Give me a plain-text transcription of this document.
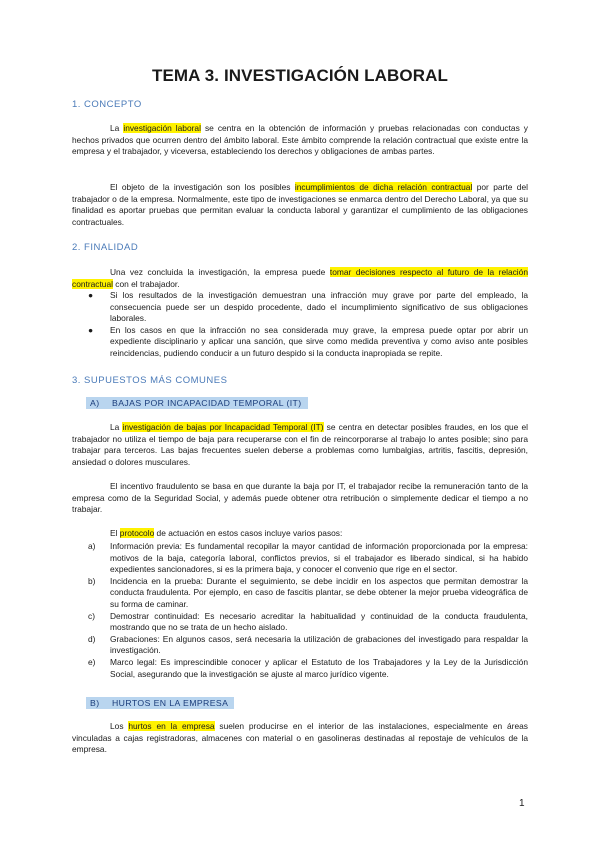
TEMA 3. INVESTIGACIÓN LABORAL
1. CONCEPTO

La investigación laboral se centra en la obtención de información y pruebas relacionadas con conductas y hechos privados que ocurren dentro del ámbito laboral. Este ámbito comprende la relación contractual que existe entre la empresa y el trabajador, y viceversa, estableciendo los derechos y obligaciones de ambas partes.

El objeto de la investigación son los posibles incumplimientos de dicha relación contractual por parte del trabajador o de la empresa. Normalmente, este tipo de investigaciones se enmarca dentro del Derecho Laboral, ya que su finalidad es aportar pruebas que permitan evaluar la conducta laboral y garantizar el cumplimiento de las obligaciones contractuales.

2. FINALIDAD

Una vez concluida la investigación, la empresa puede tomar decisiones respecto al futuro de la relación contractual con el trabajador.

● Si los resultados de la investigación demuestran una infracción muy grave por parte del empleado, la consecuencia puede ser un despido procedente, dado el incumplimiento significativo de sus obligaciones laborales.
● En los casos en que la infracción no sea considerada muy grave, la empresa puede optar por abrir un expediente disciplinario y aplicar una sanción, que sirve como medida preventiva y como aviso ante posibles reincidencias, pudiendo conducir a un futuro despido si la conducta inapropiada se repite.
3. SUPUESTOS MÁS COMUNES
A) BAJAS POR INCAPACIDAD TEMPORAL (IT)

La investigación de bajas por Incapacidad Temporal (IT) se centra en detectar posibles fraudes, en los que el trabajador no utiliza el tiempo de baja para recuperarse con el fin de reincorporarse al trabajo lo antes posible; sino para trabajar para terceros. Las bajas frecuentes suelen deberse a problemas como lumbalgias, artritis, fascitis, depresión, ansiedad o dolores musculares.

El incentivo fraudulento se basa en que durante la baja por IT, el trabajador recibe la remuneración tanto de la empresa como de la Seguridad Social, y además puede obtener otra retribución o simplemente dedicar el tiempo a no trabajar.

El protocolo de actuación en estos casos incluye varios pasos:

a) Información previa: Es fundamental recopilar la mayor cantidad de información proporcionada por la empresa: motivos de la baja, categoría laboral, conflictos previos, si el trabajador es liberado sindical, si ha habido expedientes sancionadores, si es la primera baja, y conocer el convenio que rige en el sector.
b) Incidencia en la prueba: Durante el seguimiento, se debe incidir en los aspectos que permitan demostrar la conducta fraudulenta. Por ejemplo, en caso de fascitis plantar, se debe obtener la mejor prueba videográfica de su forma de caminar.
c) Demostrar continuidad: Es necesario acreditar la habitualidad y continuidad de la conducta fraudulenta, mostrando que no se trata de un hecho aislado.
d) Grabaciones: En algunos casos, será necesaria la utilización de grabaciones del investigado para respaldar la investigación.
e) Marco legal: Es imprescindible conocer y aplicar el Estatuto de los Trabajadores y la Ley de la Jurisdicción Social, asegurando que la investigación se ajuste al marco jurídico vigente.
B) HURTOS EN LA EMPRESA

Los hurtos en la empresa suelen producirse en el interior de las instalaciones, especialmente en áreas vinculadas a cajas registradoras, almacenes con material o en gasolineras destinadas al repostaje de vehículos de la empresa.

1
